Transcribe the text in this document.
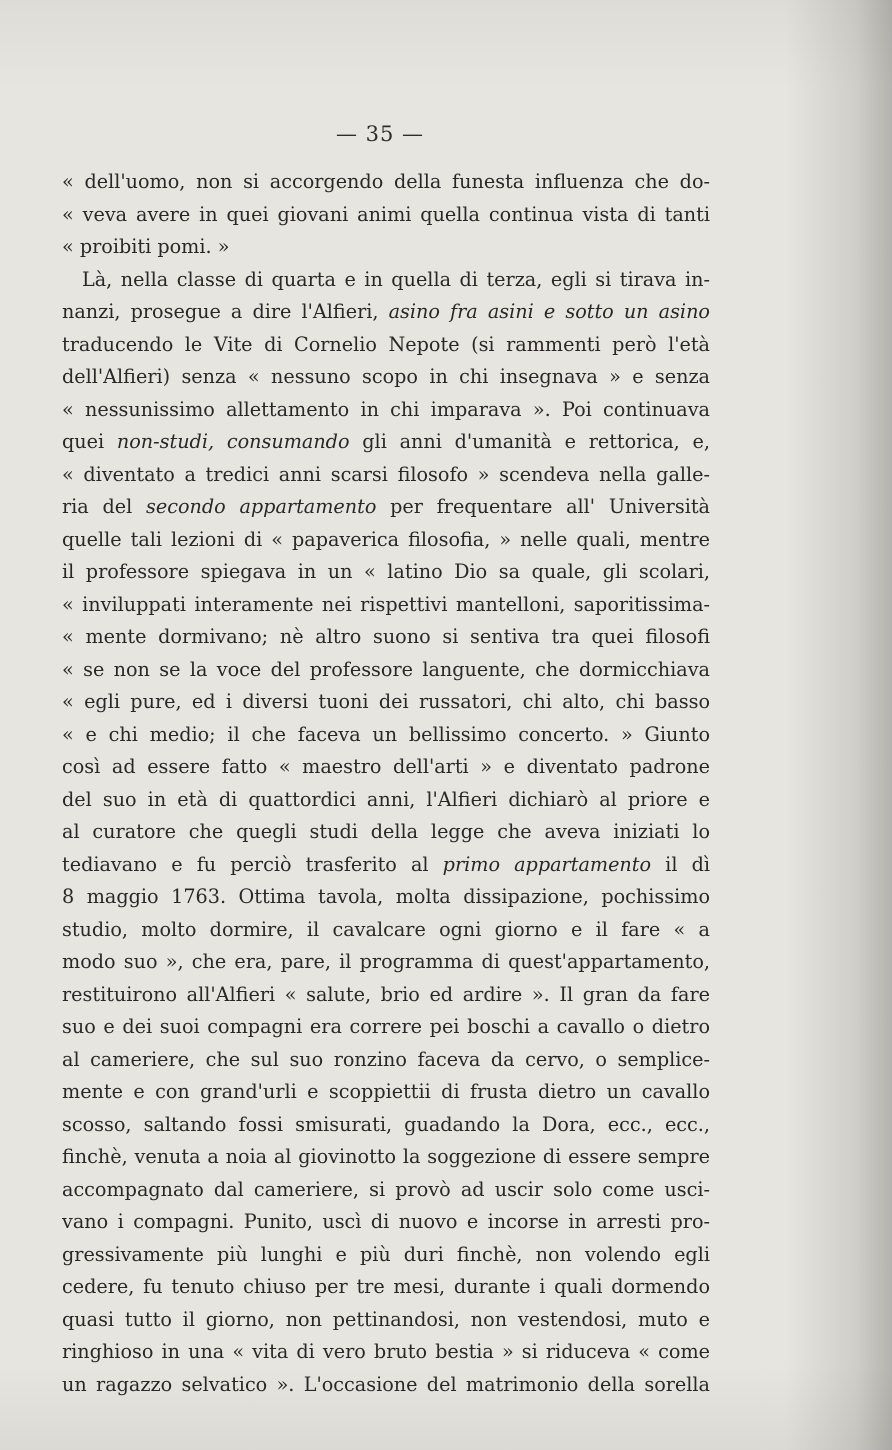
— 35 —
« dell'uomo, non si accorgendo della funesta influenza che do-
« veva avere in quei giovani animi quella continua vista di tanti
« proibiti pomi. »
Là, nella classe di quarta e in quella di terza, egli si tirava in-
nanzi, prosegue a dire l'Alfieri, asino fra asini e sotto un asino
traducendo le Vite di Cornelio Nepote (si rammenti però l'età
dell'Alfieri) senza « nessuno scopo in chi insegnava » e senza
« nessunissimo allettamento in chi imparava ». Poi continuava
quei non-studi, consumando gli anni d'umanità e rettorica, e,
« diventato a tredici anni scarsi filosofo » scendeva nella galle-
ria del secondo appartamento per frequentare all' Università
quelle tali lezioni di « papaverica filosofia, » nelle quali, mentre
il professore spiegava in un « latino Dio sa quale, gli scolari,
« inviluppati interamente nei rispettivi mantelloni, saporitissima-
« mente dormivano; nè altro suono si sentiva tra quei filosofi
« se non se la voce del professore languente, che dormicchiava
« egli pure, ed i diversi tuoni dei russatori, chi alto, chi basso
« e chi medio; il che faceva un bellissimo concerto. » Giunto
così ad essere fatto « maestro dell'arti » e diventato padrone
del suo in età di quattordici anni, l'Alfieri dichiarò al priore e
al curatore che quegli studi della legge che aveva iniziati lo
tediavano e fu perciò trasferito al primo appartamento il dì
8 maggio 1763. Ottima tavola, molta dissipazione, pochissimo
studio, molto dormire, il cavalcare ogni giorno e il fare « a
modo suo », che era, pare, il programma di quest'appartamento,
restituirono all'Alfieri « salute, brio ed ardire ». Il gran da fare
suo e dei suoi compagni era correre pei boschi a cavallo o dietro
al cameriere, che sul suo ronzino faceva da cervo, o semplice-
mente e con grand'urli e scoppiettii di frusta dietro un cavallo
scosso, saltando fossi smisurati, guadando la Dora, ecc., ecc.,
finchè, venuta a noia al giovinotto la soggezione di essere sempre
accompagnato dal cameriere, si provò ad uscir solo come usci-
vano i compagni. Punito, uscì di nuovo e incorse in arresti pro-
gressivamente più lunghi e più duri finchè, non volendo egli
cedere, fu tenuto chiuso per tre mesi, durante i quali dormendo
quasi tutto il giorno, non pettinandosi, non vestendosi, muto e
ringhioso in una « vita di vero bruto bestia » si riduceva « come
un ragazzo selvatico ». L'occasione del matrimonio della sorella
